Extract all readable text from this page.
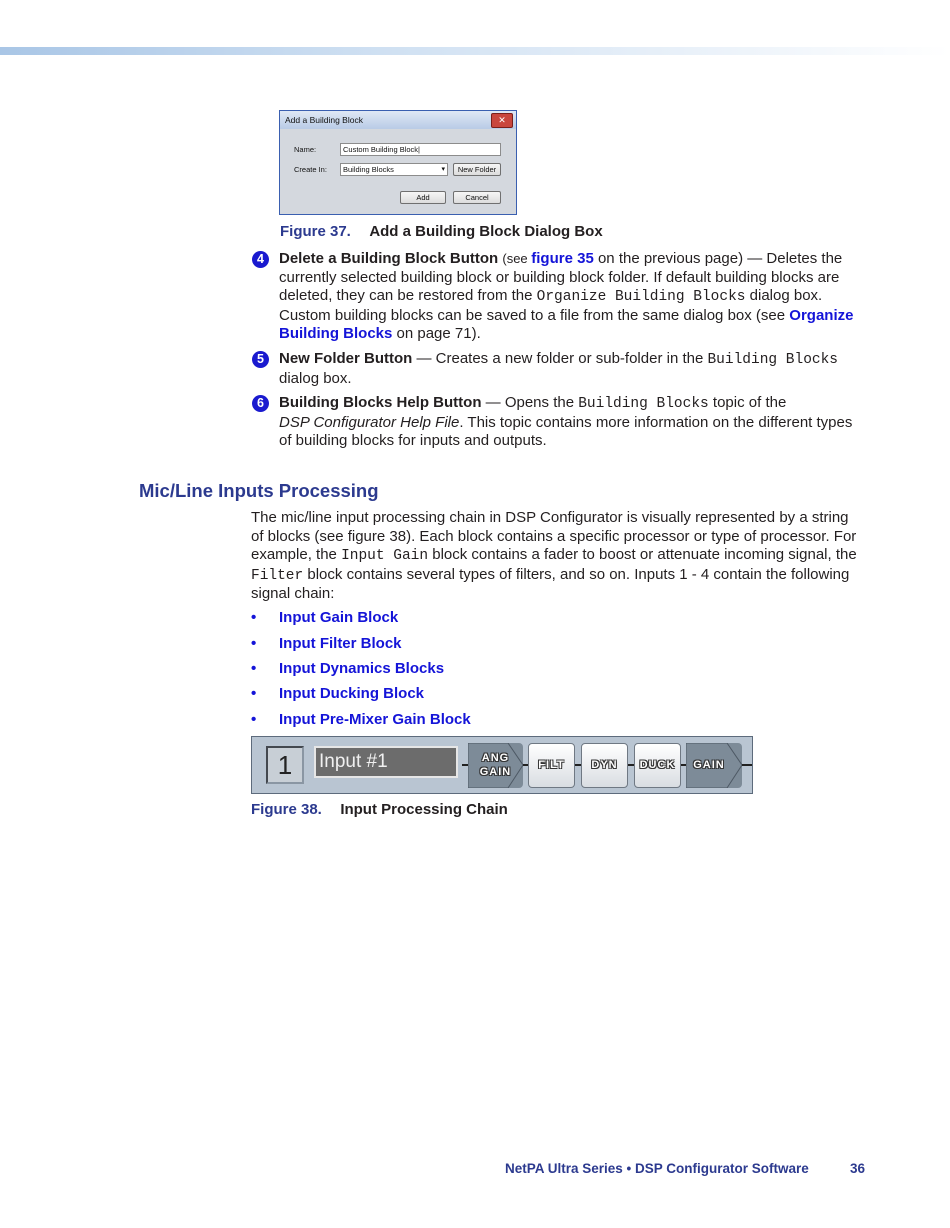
Add a Building Block	✕
Name:	Custom Building Block|
Create In:	Building Blocks	▾	New Folder
Add	Cancel
Figure 37. Add a Building Block Dialog Box
4	Delete a Building Block Button (see figure 35 on the previous page) — Deletes the currently selected building block or building block folder. If default building blocks are deleted, they can be restored from the Organize Building Blocks dialog box. Custom building blocks can be saved to a file from the same dialog box (see Organize Building Blocks on page 71).
5	New Folder Button — Creates a new folder or sub-folder in the Building Blocks dialog box.
6	Building Blocks Help Button — Opens the Building Blocks topic of the
DSP Configurator Help File. This topic contains more information on the different types of building blocks for inputs and outputs.
Mic/Line Inputs Processing
The mic/line input processing chain in DSP Configurator is visually represented by a string of blocks (see figure 38). Each block contains a specific processor or type of processor. For example, the Input Gain block contains a fader to boost or attenuate incoming signal, the Filter block contains several types of filters, and so on. Inputs 1 - 4 contain the following signal chain:
• Input Gain Block
• Input Filter Block
• Input Dynamics Blocks
• Input Ducking Block
• Input Pre-Mixer Gain Block
1	Input #1	ANG
GAIN
FILT	DYN	DUCK	GAIN
Figure 38. Input Processing Chain
NetPA Ultra Series • DSP Configurator Software	36
